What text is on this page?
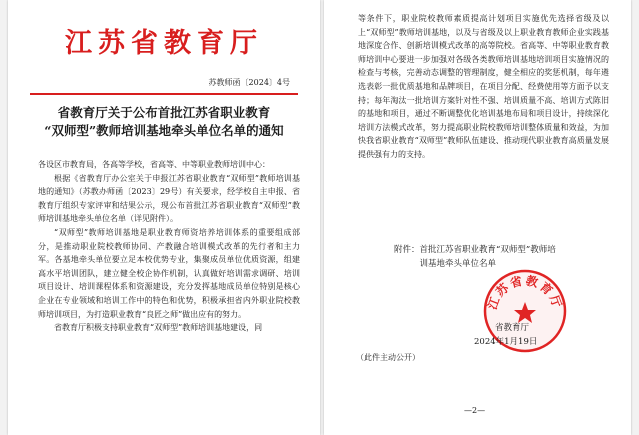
江苏省教育厅
苏教师函〔2024〕4号
省教育厅关于公布首批江苏省职业教育
“双师型”教师培训基地牵头单位名单的通知

各设区市教育局，各高等学校，省高等、中等职业教师培训中心：

根据《省教育厅办公室关于申报江苏省职业教育“双师型”教师培训基地的通知》（苏教办师函〔2023〕29号）有关要求，经学校自主申报、省教育厅组织专家评审和结果公示，现公布首批江苏省职业教育“双师型”教师培训基地牵头单位名单（详见附件）。

“双师型”教师培训基地是职业教育师资培养培训体系的重要组成部分，是推动职业院校教师协同、产教融合培训模式改革的先行者和主力军。各基地牵头单位要立足本校优势专业，集聚成员单位优质资源，组建高水平培训团队，建立健全校企协作机制，认真做好培训需求调研、培训项目设计、培训课程体系和资源建设，充分发挥基地成员单位特别是核心企业在专业领域和培训工作中的特色和优势，积极承担省内外职业院校教师培训项目，为打造职业教育“良匠之师”做出应有的努力。

省教育厅积极支持职业教育“双师型”教师培训基地建设，同

等条件下，职业院校教师素质提高计划项目实施优先选择省级及以上“双师型”教师培训基地，以及与省级及以上职业教育教师企业实践基地深度合作、创新培训模式改革的高等院校。省高等、中等职业教育教师培训中心要进一步加强对各级各类教师培训基地培训项目实施情况的检查与考核，完善动态调整的管理制度，健全相应的奖惩机制，每年遴选表彰一批优质基地和品牌项目，在项目分配、经费使用等方面予以支持；每年淘汰一批培训方案针对性不强、培训质量不高、培训方式陈旧的基地和项目，通过不断调整优化培训基地布局和项目设计，持续深化培训方法模式改革，努力提高职业院校教师培训整体质量和效益，为加快我省职业教育“双师型”教师队伍建设、推动现代职业教育高质量发展提供强有力的支持。

附件： 首批江苏省职业教育“双师型”教师培训基地牵头单位名单
江苏省教育厅
省教育厅
2024年1月19日
（此件主动公开）
—2—
